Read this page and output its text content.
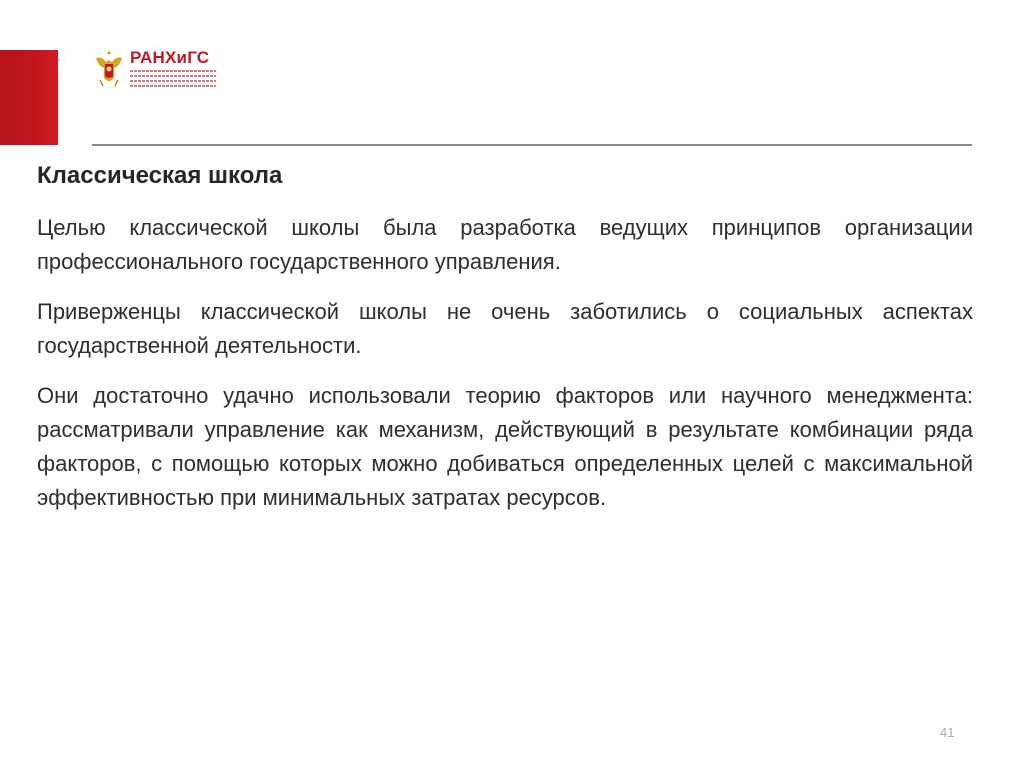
РАНХиГС
Классическая школа

Целью классической школы была разработка ведущих принципов организации профессионального государственного управления.

Приверженцы классической школы не очень заботились о социальных аспектах государственной деятельности.

Они достаточно удачно использовали теорию факторов или научного менеджмента: рассматривали управление как механизм, действующий в результате комбинации ряда факторов, с помощью которых можно добиваться определенных целей с максимальной эффективностью при минимальных затратах ресурсов.

41
